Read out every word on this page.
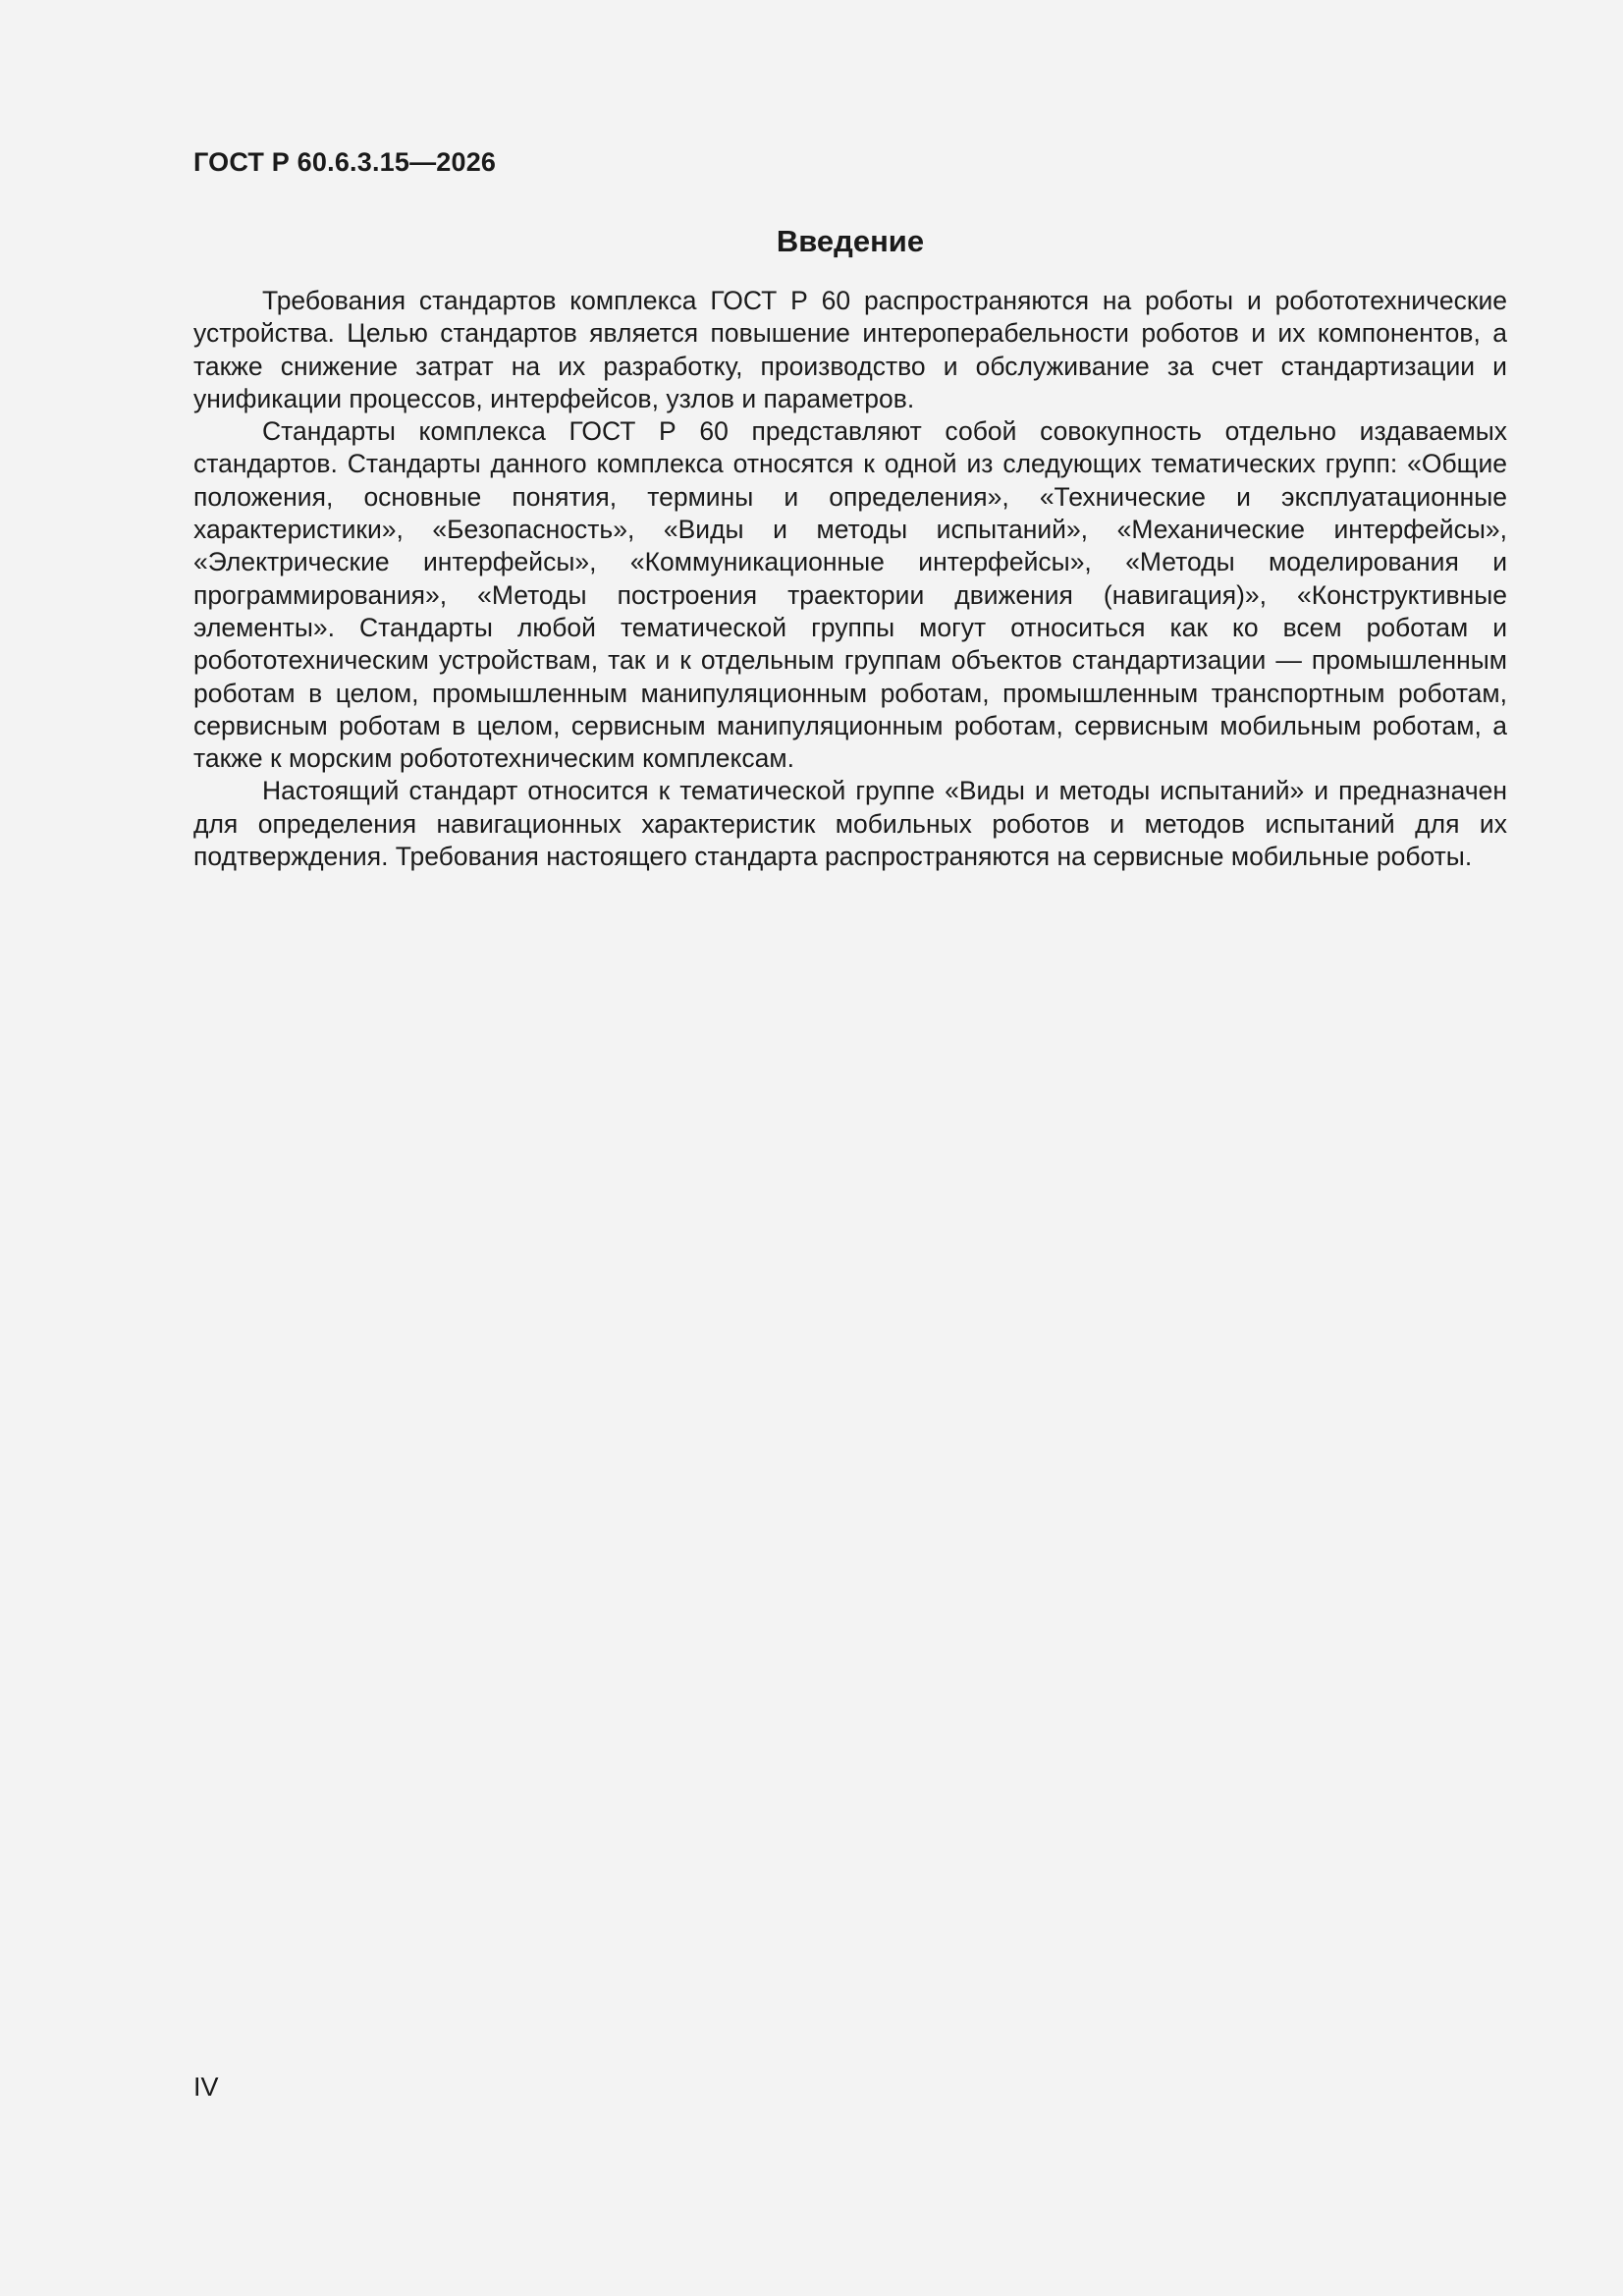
ГОСТ Р 60.6.3.15—2026
Введение

Требования стандартов комплекса ГОСТ Р 60 распространяются на роботы и робототехнические устройства. Целью стандартов является повышение интероперабельности роботов и их компонентов, а также снижение затрат на их разработку, производство и обслуживание за счет стандартизации и унификации процессов, интерфейсов, узлов и параметров.

Стандарты комплекса ГОСТ Р 60 представляют собой совокупность отдельно издаваемых стандартов. Стандарты данного комплекса относятся к одной из следующих тематических групп: «Общие положения, основные понятия, термины и определения», «Технические и эксплуатационные характеристики», «Безопасность», «Виды и методы испытаний», «Механические интерфейсы», «Электрические интерфейсы», «Коммуникационные интерфейсы», «Методы моделирования и программирования», «Методы построения траектории движения (навигация)», «Конструктивные элементы». Стандарты любой тематической группы могут относиться как ко всем роботам и робототехническим устройствам, так и к отдельным группам объектов стандартизации — промышленным роботам в целом, промышленным манипуляционным роботам, промышленным транспортным роботам, сервисным роботам в целом, сервисным манипуляционным роботам, сервисным мобильным роботам, а также к морским робототехническим комплексам.

Настоящий стандарт относится к тематической группе «Виды и методы испытаний» и предназначен для определения навигационных характеристик мобильных роботов и методов испытаний для их подтверждения. Требования настоящего стандарта распространяются на сервисные мобильные роботы.

IV
